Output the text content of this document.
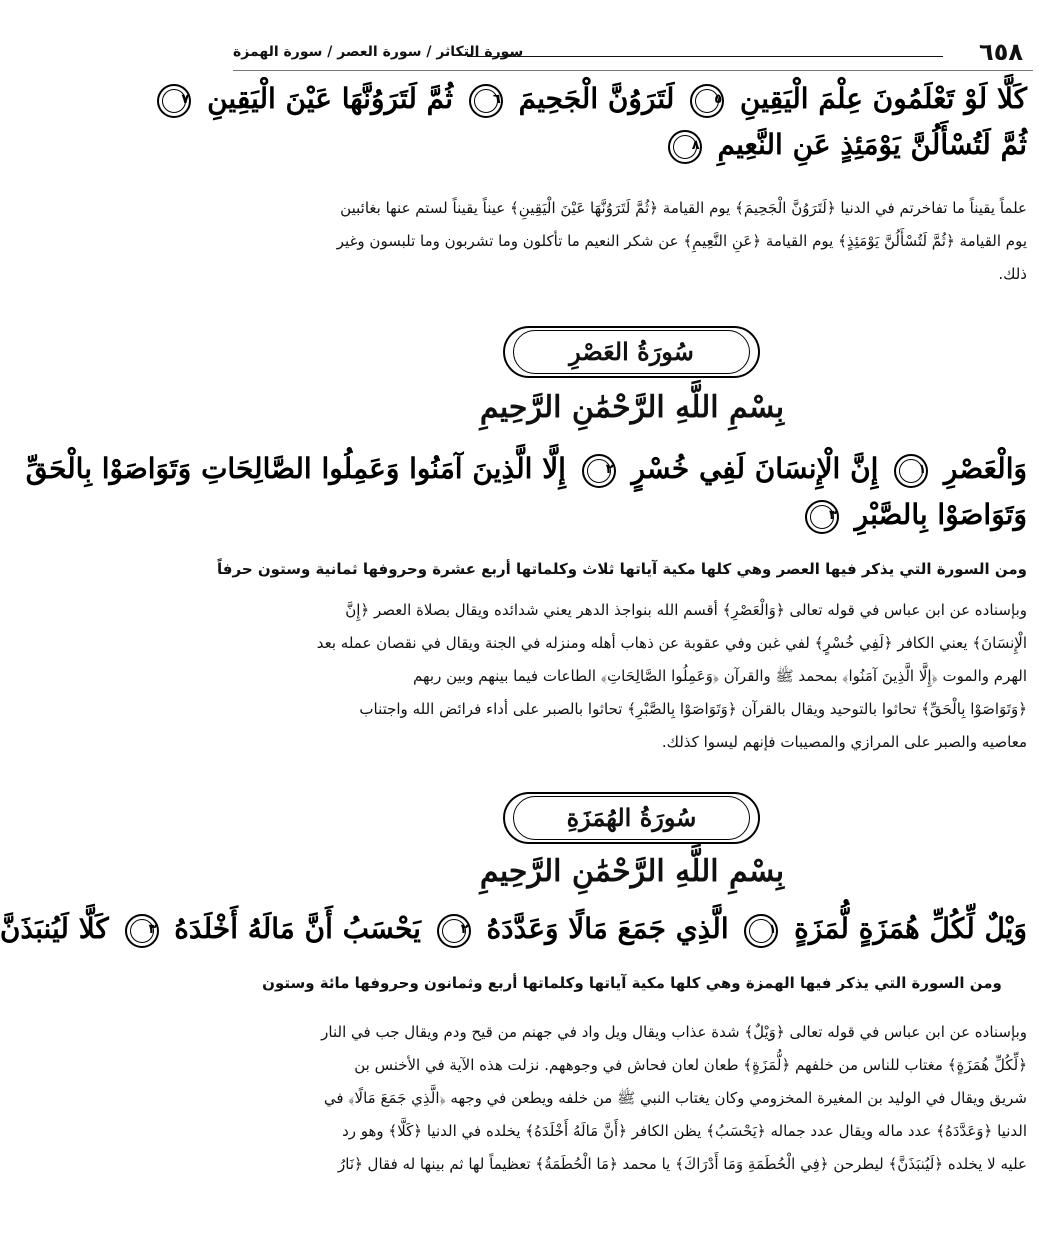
٦٥٨
سورة التكاثر / سورة العصر / سورة الهمزة
كَلَّا لَوْ تَعْلَمُونَ عِلْمَ الْيَقِينِ ٥ لَتَرَوُنَّ الْجَحِيمَ ٦ ثُمَّ لَتَرَوُنَّهَا عَيْنَ الْيَقِينِ ٧
ثُمَّ لَتُسْأَلُنَّ يَوْمَئِذٍ عَنِ النَّعِيمِ ٨
علماً يقيناً ما تفاخرتم في الدنيا ﴿لَتَرَوُنَّ الْجَحِيمَ﴾ يوم القيامة ﴿ثُمَّ لَتَرَوُنَّهَا عَيْنَ الْيَقِينِ﴾ عيناً يقيناً لستم عنها بغائبين
يوم القيامة ﴿ثُمَّ لَتُسْأَلُنَّ يَوْمَئِذٍ﴾ يوم القيامة ﴿عَنِ النَّعِيمِ﴾ عن شكر النعيم ما تأكلون وما تشربون وما تلبسون وغير
ذلك.
سُورَةُ العَصْرِ
بِسْمِ اللَّهِ الرَّحْمَٰنِ الرَّحِيمِ
وَالْعَصْرِ ١ إِنَّ الْإِنسَانَ لَفِي خُسْرٍ ٢ إِلَّا الَّذِينَ آمَنُوا وَعَمِلُوا الصَّالِحَاتِ وَتَوَاصَوْا بِالْحَقِّ
وَتَوَاصَوْا بِالصَّبْرِ ٣
ومن السورة التي يذكر فيها العصر وهي كلها مكية آياتها ثلاث وكلماتها أربع عشرة وحروفها ثمانية وستون حرفاً
وبإسناده عن ابن عباس في قوله تعالى ﴿وَالْعَصْرِ﴾ أقسم الله بنواجذ الدهر يعني شدائده ويقال بصلاة العصر ﴿إِنَّ
الْإِنسَانَ﴾ يعني الكافر ﴿لَفِي خُسْرٍ﴾ لفي غبن وفي عقوبة عن ذهاب أهله ومنزله في الجنة ويقال في نقصان عمله بعد
الهرم والموت ﴿إِلَّا الَّذِينَ آمَنُوا﴾ بمحمد ﷺ والقرآن ﴿وَعَمِلُوا الصَّالِحَاتِ﴾ الطاعات فيما بينهم وبين ربهم
﴿وَتَوَاصَوْا بِالْحَقِّ﴾ تحاثوا بالتوحيد ويقال بالقرآن ﴿وَتَوَاصَوْا بِالصَّبْرِ﴾ تحاثوا بالصبر على أداء فرائض الله واجتناب
معاصيه والصبر على المرازي والمصيبات فإنهم ليسوا كذلك.
سُورَةُ الهُمَزَةِ
بِسْمِ اللَّهِ الرَّحْمَٰنِ الرَّحِيمِ
وَيْلٌ لِّكُلِّ هُمَزَةٍ لُّمَزَةٍ ١ الَّذِي جَمَعَ مَالًا وَعَدَّدَهُ ٢ يَحْسَبُ أَنَّ مَالَهُ أَخْلَدَهُ ٣ كَلَّا لَيُنبَذَنَّ
ومن السورة التي يذكر فيها الهمزة وهي كلها مكية آياتها وكلماتها أربع وثمانون وحروفها مائة وستون
وبإسناده عن ابن عباس في قوله تعالى ﴿وَيْلٌ﴾ شدة عذاب ويقال ويل واد في جهنم من قيح ودم ويقال جب في النار
﴿لِّكُلِّ هُمَزَةٍ﴾ مغتاب للناس من خلفهم ﴿لُّمَزَةٍ﴾ طعان لعان فحاش في وجوههم. نزلت هذه الآية في الأخنس بن
شريق ويقال في الوليد بن المغيرة المخزومي وكان يغتاب النبي ﷺ من خلفه ويطعن في وجهه ﴿الَّذِي جَمَعَ مَالًا﴾ في
الدنيا ﴿وَعَدَّدَهُ﴾ عدد ماله ويقال عدد جماله ﴿يَحْسَبُ﴾ يظن الكافر ﴿أَنَّ مَالَهُ أَخْلَدَهُ﴾ يخلده في الدنيا ﴿كَلَّا﴾ وهو رد
عليه لا يخلده ﴿لَيُنبَذَنَّ﴾ ليطرحن ﴿فِي الْحُطَمَةِ وَمَا أَدْرَاكَ﴾ يا محمد ﴿مَا الْحُطَمَةُ﴾ تعظيماً لها ثم بينها له فقال ﴿نَارُ
